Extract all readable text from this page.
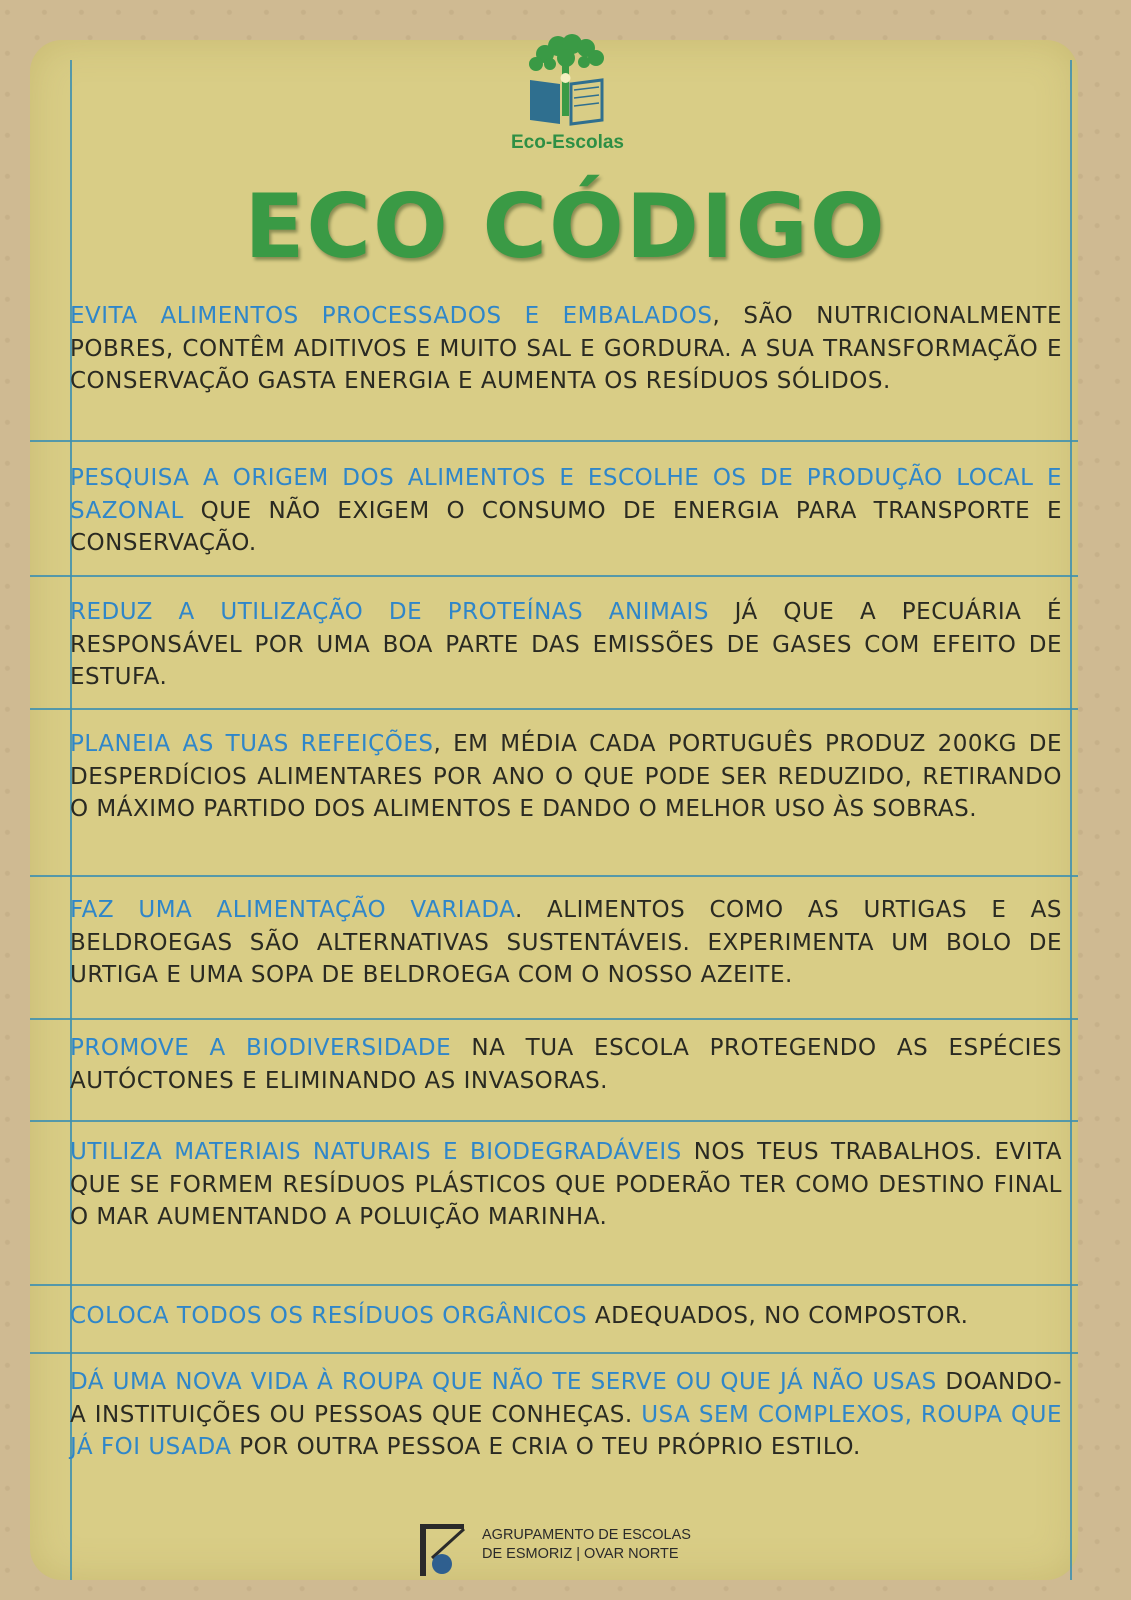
Eco-Escolas
ECO CÓDIGO
EVITA ALIMENTOS PROCESSADOS E EMBALADOS, SÃO NUTRICIONALMENTE POBRES, CONTÊM ADITIVOS E MUITO SAL E GORDURA. A SUA TRANSFORMAÇÃO E CONSERVAÇÃO GASTA ENERGIA E AUMENTA OS RESÍDUOS SÓLIDOS.
PESQUISA A ORIGEM DOS ALIMENTOS E ESCOLHE OS DE PRODUÇÃO LOCAL E SAZONAL QUE NÃO EXIGEM O CONSUMO DE ENERGIA PARA TRANSPORTE E CONSERVAÇÃO.
REDUZ A UTILIZAÇÃO DE PROTEÍNAS ANIMAIS JÁ QUE A PECUÁRIA É RESPONSÁVEL POR UMA BOA PARTE DAS EMISSÕES DE GASES COM EFEITO DE ESTUFA.
PLANEIA AS TUAS REFEIÇÕES, EM MÉDIA CADA PORTUGUÊS PRODUZ 200KG DE DESPERDÍCIOS ALIMENTARES POR ANO O QUE PODE SER REDUZIDO, RETIRANDO O MÁXIMO PARTIDO DOS ALIMENTOS E DANDO O MELHOR USO ÀS SOBRAS.
FAZ UMA ALIMENTAÇÃO VARIADA. ALIMENTOS COMO AS URTIGAS E AS BELDROEGAS SÃO ALTERNATIVAS SUSTENTÁVEIS. EXPERIMENTA UM BOLO DE URTIGA E UMA SOPA DE BELDROEGA COM O NOSSO AZEITE.
PROMOVE A BIODIVERSIDADE NA TUA ESCOLA PROTEGENDO AS ESPÉCIES AUTÓCTONES E ELIMINANDO AS INVASORAS.
UTILIZA MATERIAIS NATURAIS E BIODEGRADÁVEIS NOS TEUS TRABALHOS. EVITA QUE SE FORMEM RESÍDUOS PLÁSTICOS QUE PODERÃO TER COMO DESTINO FINAL O MAR AUMENTANDO A POLUIÇÃO MARINHA.
COLOCA TODOS OS RESÍDUOS ORGÂNICOS ADEQUADOS, NO COMPOSTOR.
DÁ UMA NOVA VIDA À ROUPA QUE NÃO TE SERVE OU QUE JÁ NÃO USAS DOANDO-A INSTITUIÇÕES OU PESSOAS QUE CONHEÇAS. USA SEM COMPLEXOS, ROUPA QUE JÁ FOI USADA POR OUTRA PESSOA E CRIA O TEU PRÓPRIO ESTILO.
AGRUPAMENTO DE ESCOLAS
DE ESMORIZ | OVAR NORTE
